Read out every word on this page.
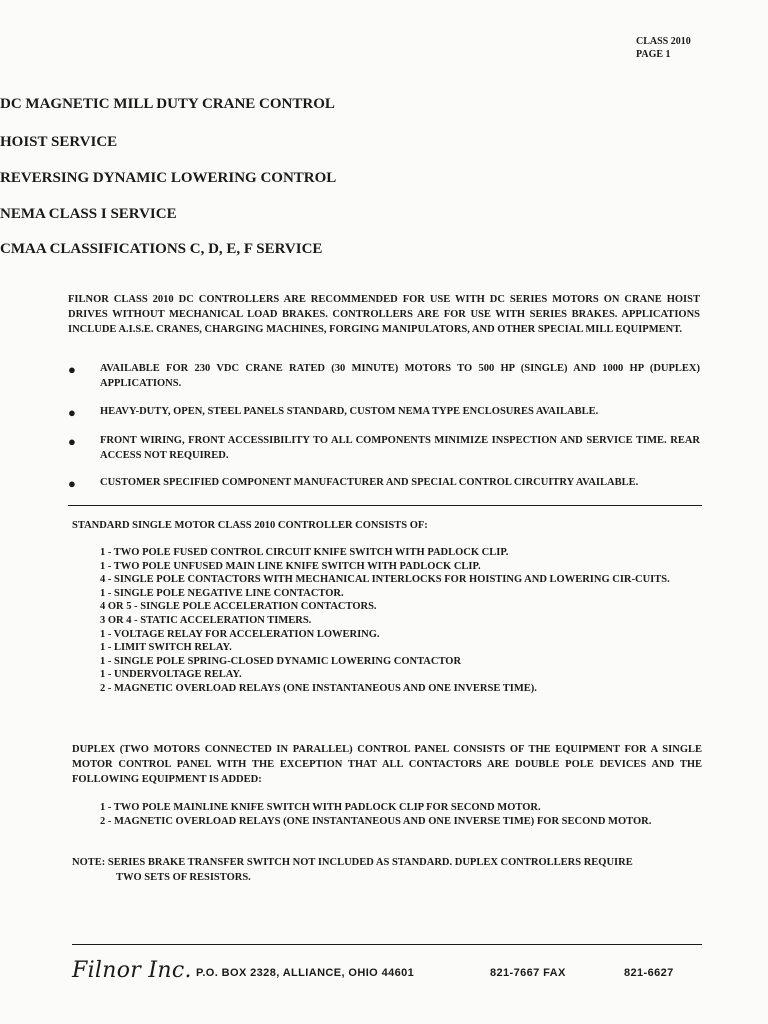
CLASS 2010
PAGE 1
DC MAGNETIC MILL DUTY CRANE CONTROL
HOIST SERVICE
REVERSING DYNAMIC LOWERING CONTROL
NEMA CLASS I SERVICE
CMAA CLASSIFICATIONS C, D, E, F SERVICE
FILNOR CLASS 2010 DC CONTROLLERS ARE RECOMMENDED FOR USE WITH DC SERIES MOTORS ON CRANE HOIST DRIVES WITHOUT MECHANICAL LOAD BRAKES. CONTROLLERS ARE FOR USE WITH SERIES BRAKES. APPLICATIONS INCLUDE A.I.S.E. CRANES, CHARGING MACHINES, FORGING MANIPULATORS, AND OTHER SPECIAL MILL EQUIPMENT.
● AVAILABLE FOR 230 VDC CRANE RATED (30 MINUTE) MOTORS TO 500 HP (SINGLE) AND 1000 HP (DUPLEX) APPLICATIONS.
● HEAVY-DUTY, OPEN, STEEL PANELS STANDARD, CUSTOM NEMA TYPE ENCLOSURES AVAILABLE.
● FRONT WIRING, FRONT ACCESSIBILITY TO ALL COMPONENTS MINIMIZE INSPECTION AND SERVICE TIME. REAR ACCESS NOT REQUIRED.
● CUSTOMER SPECIFIED COMPONENT MANUFACTURER AND SPECIAL CONTROL CIRCUITRY AVAILABLE.
STANDARD SINGLE MOTOR CLASS 2010 CONTROLLER CONSISTS OF:
1 - TWO POLE FUSED CONTROL CIRCUIT KNIFE SWITCH WITH PADLOCK CLIP.
1 - TWO POLE UNFUSED MAIN LINE KNIFE SWITCH WITH PADLOCK CLIP.
4 - SINGLE POLE CONTACTORS WITH MECHANICAL INTERLOCKS FOR HOISTING AND LOWERING CIR-CUITS.
1 - SINGLE POLE NEGATIVE LINE CONTACTOR.
4 OR 5 - SINGLE POLE ACCELERATION CONTACTORS.
3 OR 4 - STATIC ACCELERATION TIMERS.
1 - VOLTAGE RELAY FOR ACCELERATION LOWERING.
1 - LIMIT SWITCH RELAY.
1 - SINGLE POLE SPRING-CLOSED DYNAMIC LOWERING CONTACTOR
1 - UNDERVOLTAGE RELAY.
2 - MAGNETIC OVERLOAD RELAYS (ONE INSTANTANEOUS AND ONE INVERSE TIME).
DUPLEX (TWO MOTORS CONNECTED IN PARALLEL) CONTROL PANEL CONSISTS OF THE EQUIPMENT FOR A SINGLE MOTOR CONTROL PANEL WITH THE EXCEPTION THAT ALL CONTACTORS ARE DOUBLE POLE DEVICES AND THE FOLLOWING EQUIPMENT IS ADDED:
1 - TWO POLE MAINLINE KNIFE SWITCH WITH PADLOCK CLIP FOR SECOND MOTOR.
2 - MAGNETIC OVERLOAD RELAYS (ONE INSTANTANEOUS AND ONE INVERSE TIME) FOR SECOND MOTOR.
NOTE: SERIES BRAKE TRANSFER SWITCH NOT INCLUDED AS STANDARD. DUPLEX CONTROLLERS REQUIRE
TWO SETS OF RESISTORS.
Filnor Inc. P.O. BOX 2328, ALLIANCE, OHIO 44601	821-7667 FAX	821-6627
